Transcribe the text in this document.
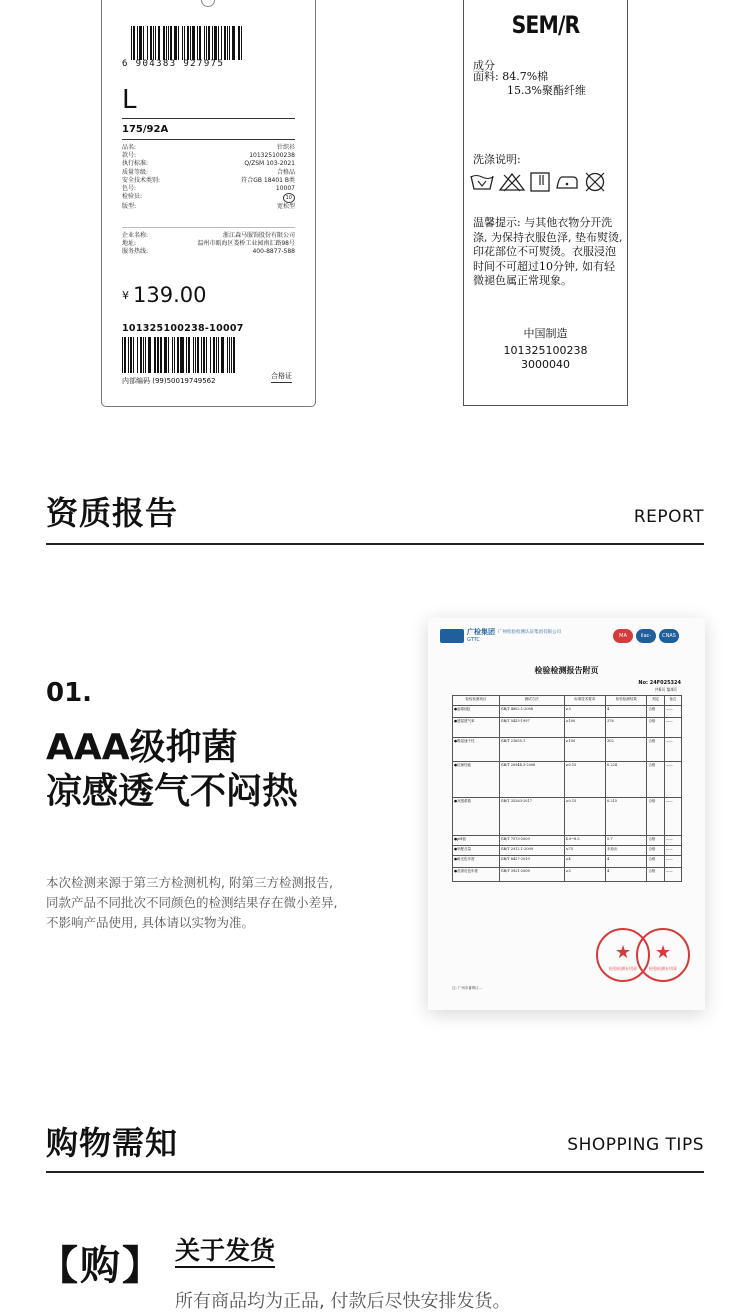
6 904383 927975
L
175/92A
品名:	针织衫
款号:	101325100238
执行标准:	Q/ZSM 103-2021
质量等级:	合格品
安全技术类别:	符合GB 18401 B类
色号:	10007
检验员:	10
版型:	宽松型
企业名称:	浙江森马服饰股份有限公司
地址:	温州市瓯海区娄桥工业园南汇路98号
服务热线:	400-8877-588
¥ 139.00
101325100238-10007
内部编码 (99)50019749562
合格证
SEM/R
成分
面料: 84.7%棉
15.3%聚酯纤维
洗涤说明:
温馨提示: 与其他衣物分开洗涤, 为保持衣服色泽, 垫布熨烫, 印花部位不可熨烫。衣服浸泡时间不可超过10分钟, 如有轻微褪色属正常现象。
中国制造
101325100238
3000040
资质报告	REPORT
01.
AAA级抑菌
凉感透气不闷热
本次检测来源于第三方检测机构, 附第三方检测报告,
同款产品不同批次不同颜色的检测结果存在微小差异,
不影响产品使用, 具体请以实物为准。
广检集团
GTTC
广州检验检测认证集团有限公司
MA	ilac-MRA
CNAS
检验检测报告附页
No: 24F025324
共6页 第4页
检验检测项目	测试方法	标准技术要求	检验检测结果	判定	备注
●起球(级)	GB/T 4802.1-2008	≥3	4	合格	——
●透湿透气率	GB/T 5453-1997	≥100	376	合格	——
●吸湿速干性	GB/T 21655.1	≥100	302	合格	——
●抗菌性能	GB/T 20944.3-2008	≥0.15	0.224	合格	——
●凉感系数	GB/T 35263-2017	≥0.15	0.215	合格	——
●pH值	GB/T 7573-2009	4.0~8.5	5.7	合格	——
●甲醛含量	GB/T 2912.1-2009	≤75	未检出	合格	——
●耐光色牢度	GB/T 8427-2019	≥4	4	合格	——
●洗涤后色牢度	GB/T 3921-2008	≥3	4	合格	——
检验检测专用章
★	检验检测专用章
★
注: 广州市番禺区...
购物需知	SHOPPING TIPS
【购】 关于发货
所有商品均为正品, 付款后尽快安排发货。
